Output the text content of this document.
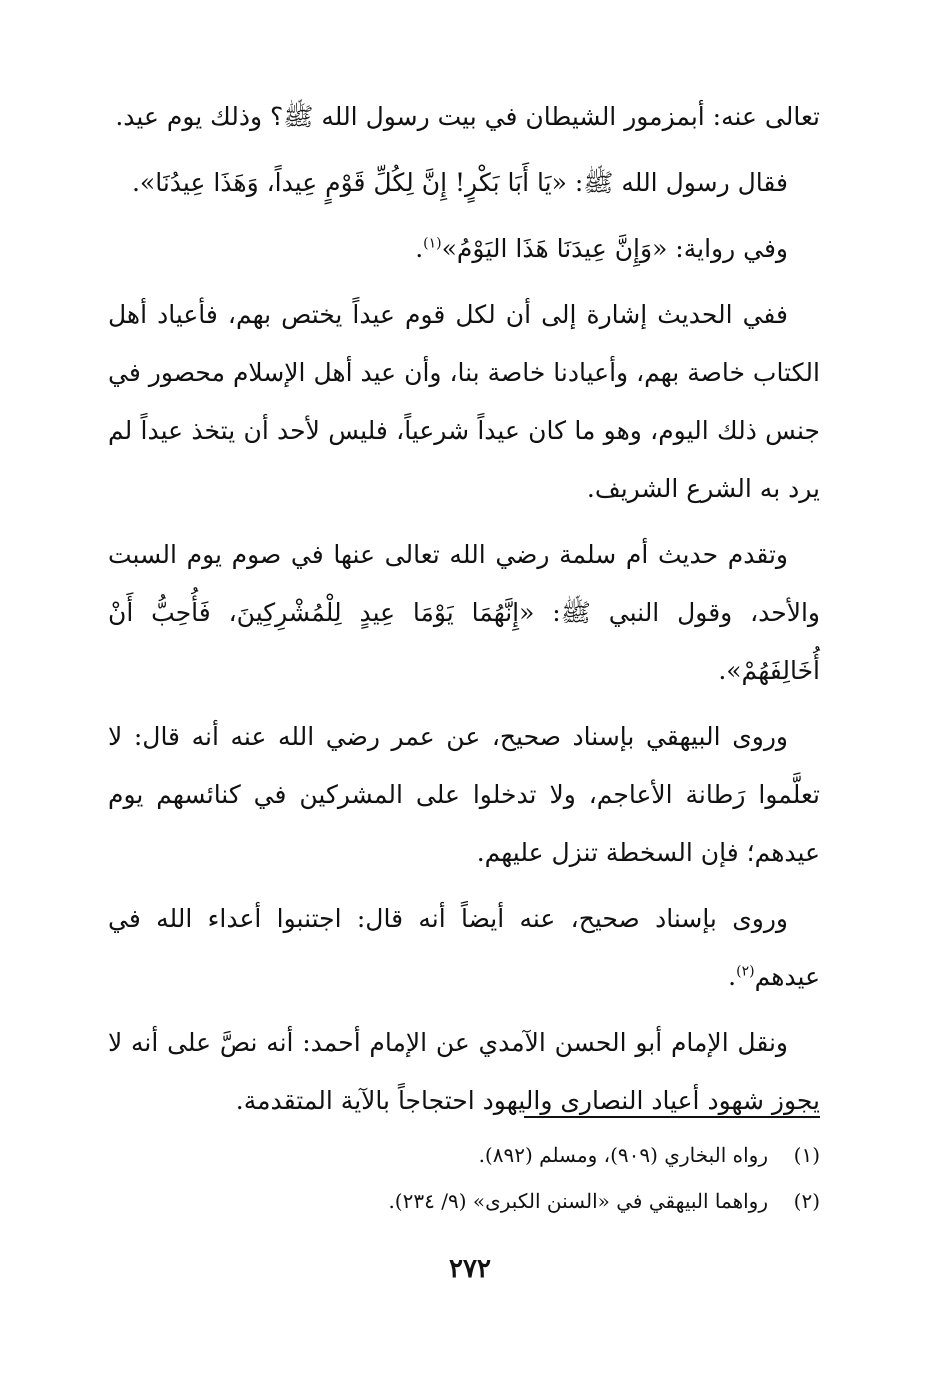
تعالى عنه: أبمزمور الشيطان في بيت رسول الله ﷺ؟ وذلك يوم عيد.

فقال رسول الله ﷺ: «يَا أَبَا بَكْرٍ! إِنَّ لِكُلِّ قَوْمٍ عِيداً، وَهَذَا عِيدُنَا».

وفي رواية: «وَإِنَّ عِيدَنَا هَذَا اليَوْمُ»$^{(١)}$.

ففي الحديث إشارة إلى أن لكل قوم عيداً يختص بهم، فأعياد أهل الكتاب خاصة بهم، وأعيادنا خاصة بنا، وأن عيد أهل الإسلام محصور في جنس ذلك اليوم، وهو ما كان عيداً شرعياً، فليس لأحد أن يتخذ عيداً لم يرد به الشرع الشريف.

وتقدم حديث أم سلمة رضي الله تعالى عنها في صوم يوم السبت والأحد، وقول النبي ﷺ: «إِنَّهُمَا يَوْمَا عِيدٍ لِلْمُشْرِكِينَ، فَأُحِبُّ أَنْ أُخَالِفَهُمْ».

وروى البيهقي بإسناد صحيح، عن عمر رضي الله عنه أنه قال: لا تعلَّموا رَطانة الأعاجم، ولا تدخلوا على المشركين في كنائسهم يوم عيدهم؛ فإن السخطة تنزل عليهم.

وروى بإسناد صحيح، عنه أيضاً أنه قال: اجتنبوا أعداء الله في عيدهم$^{(٢)}$.

ونقل الإمام أبو الحسن الآمدي عن الإمام أحمد: أنه نصَّ على أنه لا يجوز شهود أعياد النصارى واليهود احتجاجاً بالآية المتقدمة.

(١)
رواه البخاري (٩٠٩)، ومسلم (٨٩٢).
(٢)
رواهما البيهقي في «السنن الكبرى» (٩/ ٢٣٤).
٢٧٢
